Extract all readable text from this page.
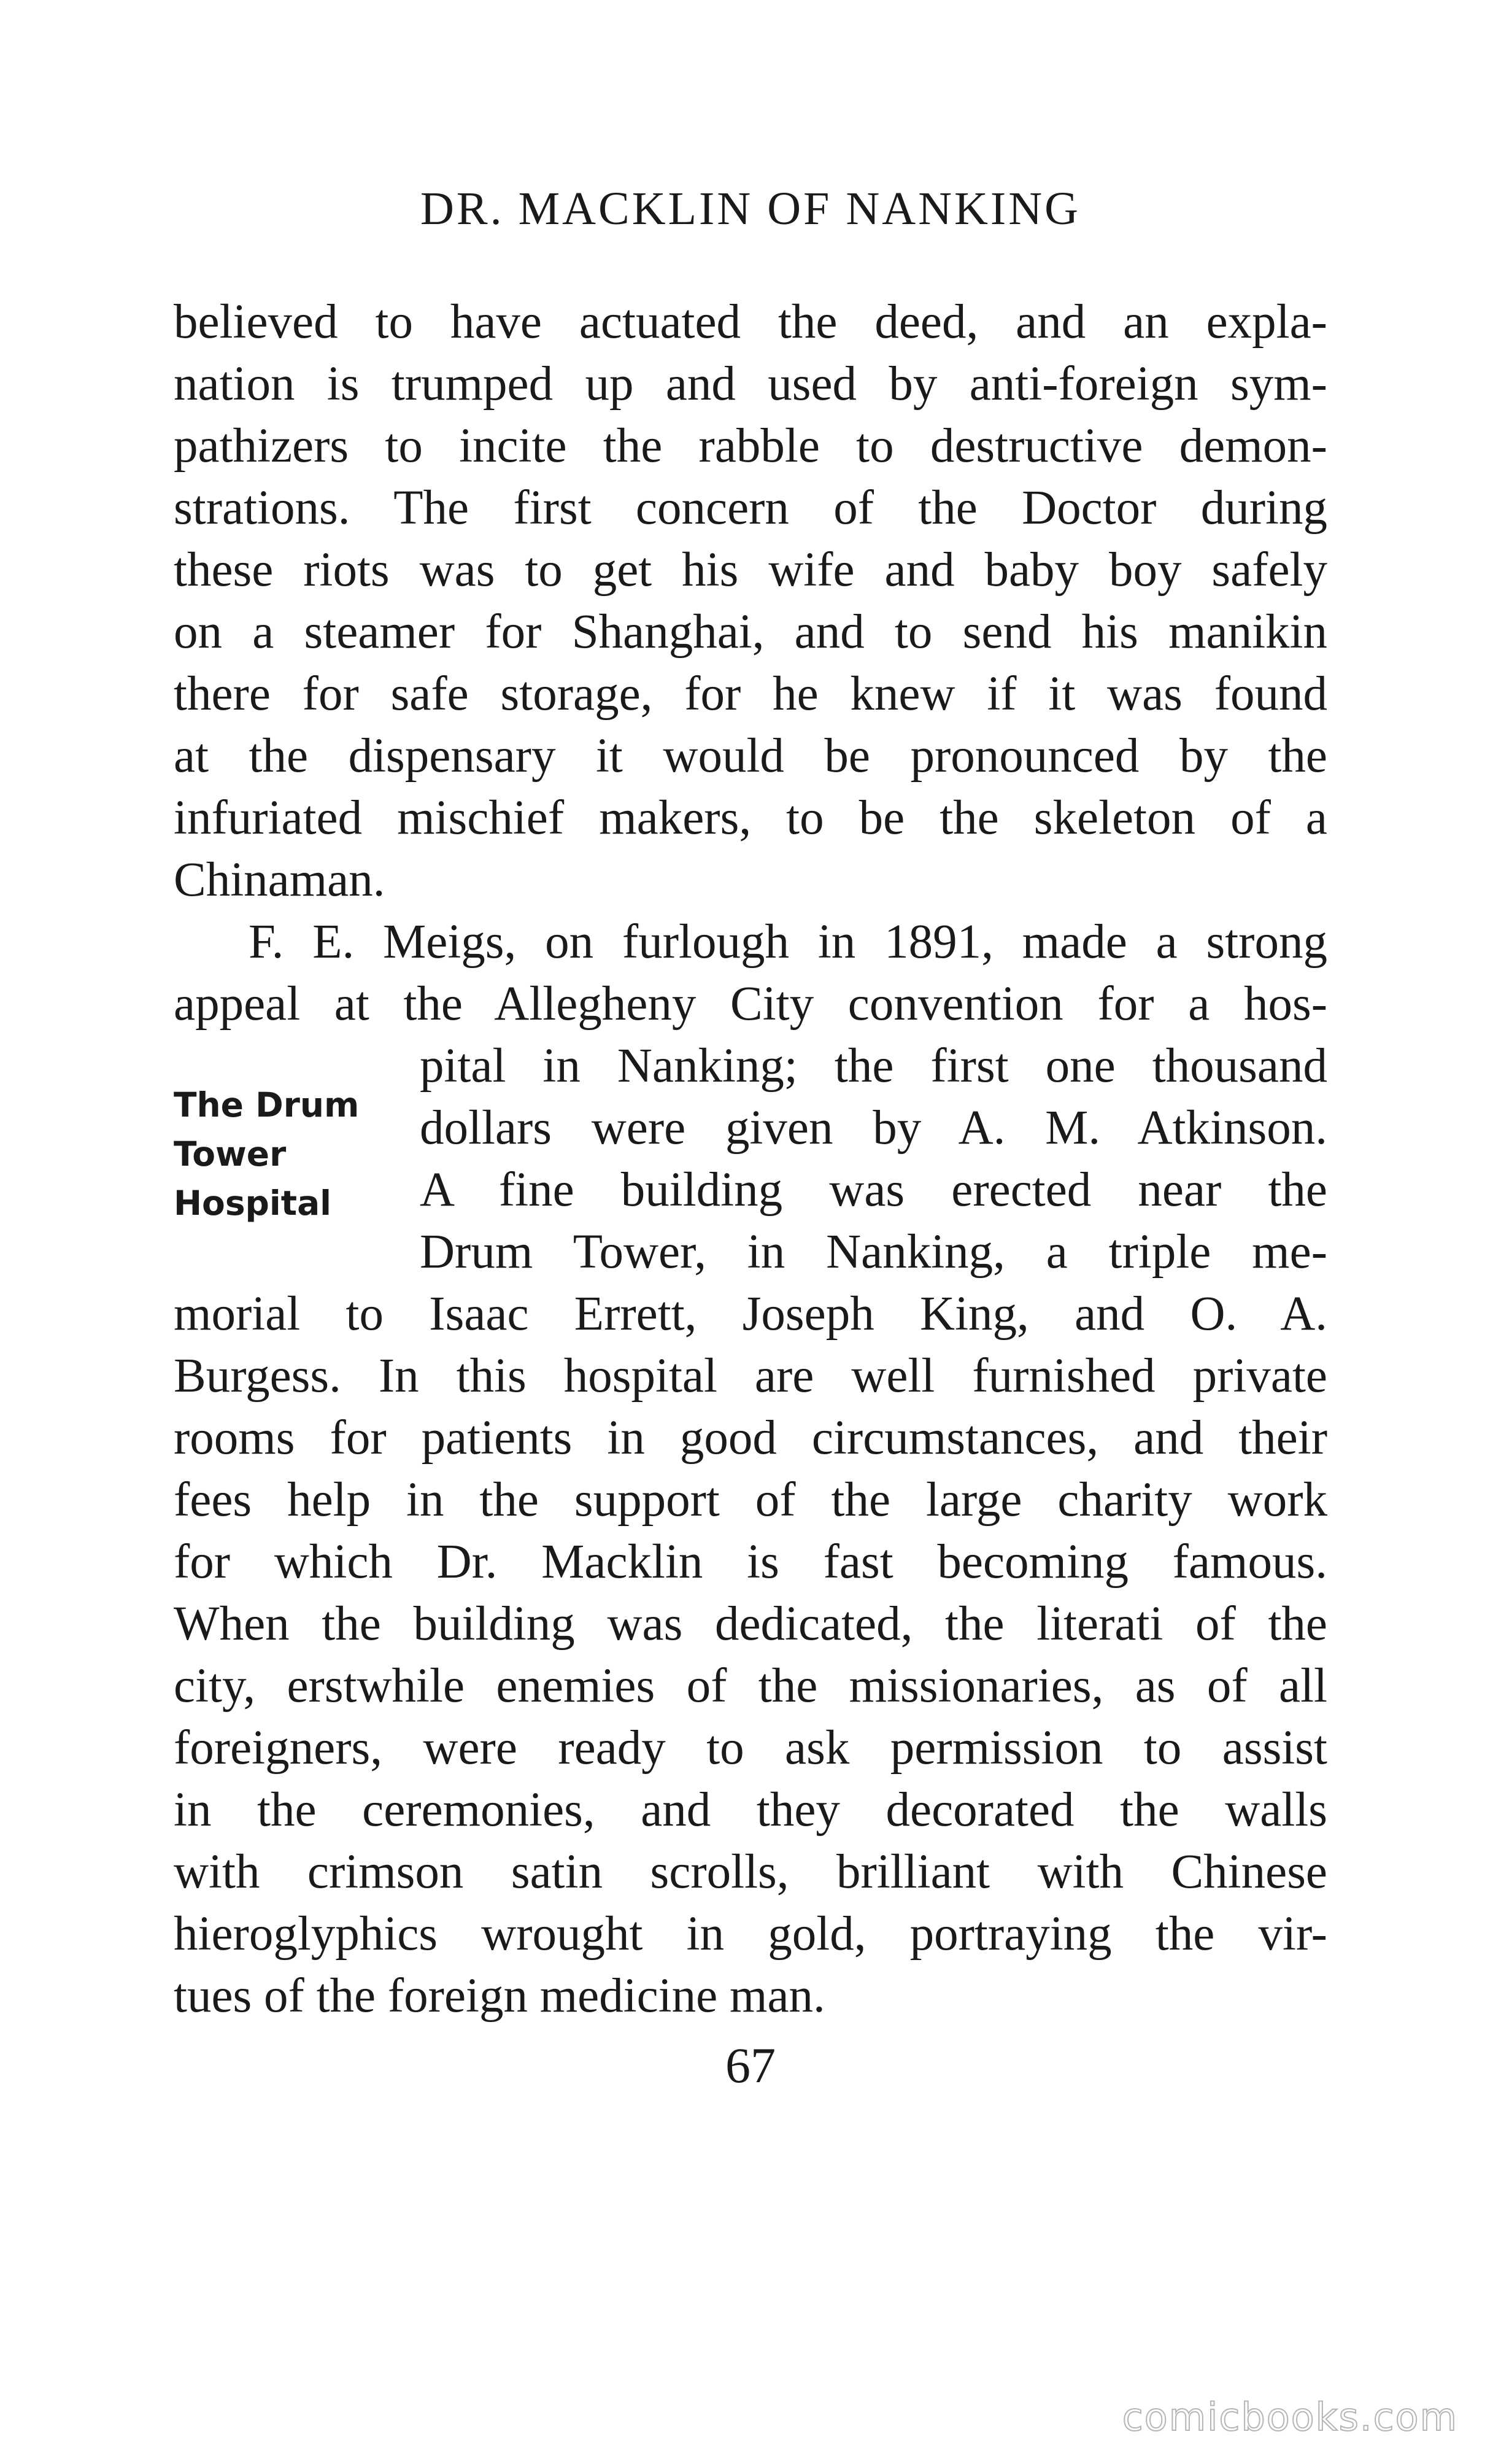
DR. MACKLIN OF NANKING
believed to have actuated the deed, and an expla-
nation is trumped up and used by anti-foreign sym-
pathizers to incite the rabble to destructive demon-
strations. The first concern of the Doctor during
these riots was to get his wife and baby boy safely
on a steamer for Shanghai, and to send his manikin
there for safe storage, for he knew if it was found
at the dispensary it would be pronounced by the
infuriated mischief makers, to be the skeleton of a
Chinaman.
F. E. Meigs, on furlough in 1891, made a strong
appeal at the Allegheny City convention for a hos-
pital in Nanking; the first one thousand
dollars were given by A. M. Atkinson.
A fine building was erected near the
Drum Tower, in Nanking, a triple me-
morial to Isaac Errett, Joseph King, and O. A.
Burgess. In this hospital are well furnished private
rooms for patients in good circumstances, and their
fees help in the support of the large charity work
for which Dr. Macklin is fast becoming famous.
When the building was dedicated, the literati of the
city, erstwhile enemies of the missionaries, as of all
foreigners, were ready to ask permission to assist
in the ceremonies, and they decorated the walls
with crimson satin scrolls, brilliant with Chinese
hieroglyphics wrought in gold, portraying the vir-
tues of the foreign medicine man.
The Drum
Tower
Hospital
67
comicbooks.com
